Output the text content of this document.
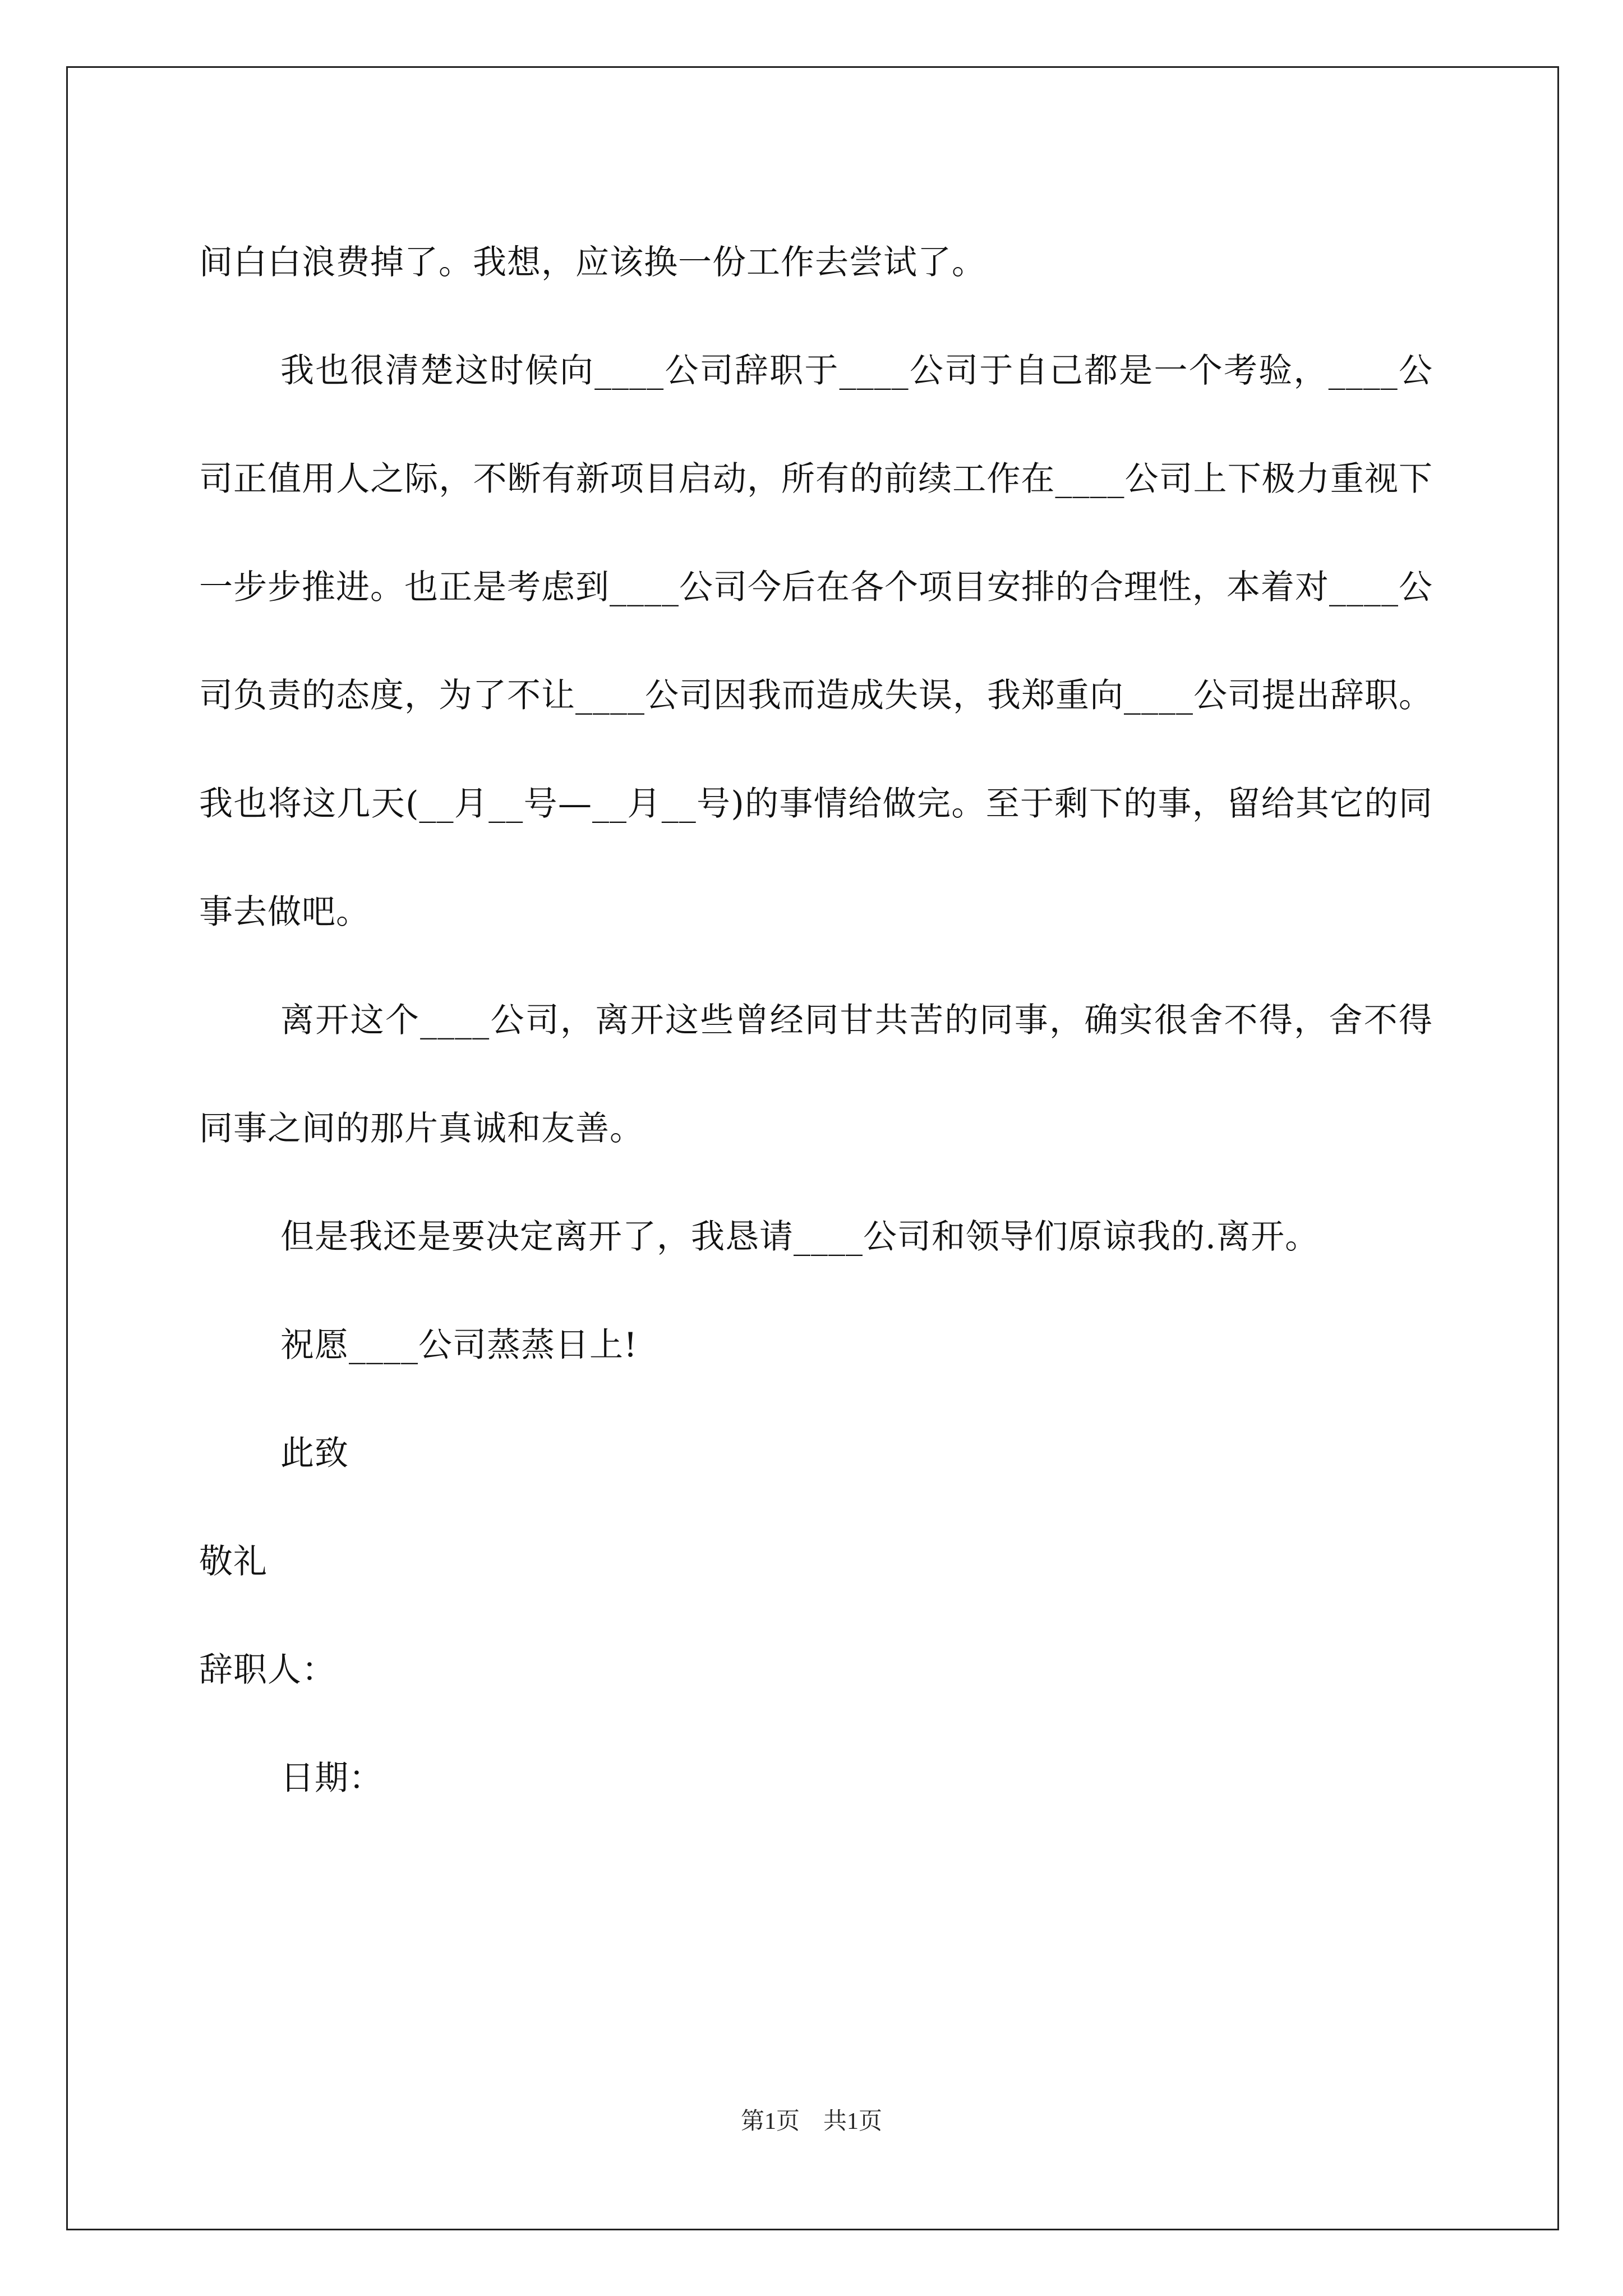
间白白浪费掉了。我想，应该换一份工作去尝试了。

我也很清楚这时候向____公司辞职于____公司于自己都是一个考验，____公司正值用人之际，不断有新项目启动，所有的前续工作在____公司上下极力重视下一步步推进。也正是考虑到____公司今后在各个项目安排的合理性，本着对____公司负责的态度，为了不让____公司因我而造成失误，我郑重向____公司提出辞职。我也将这几天(__月__号—__月__号)的事情给做完。至于剩下的事，留给其它的同事去做吧。

离开这个____公司，离开这些曾经同甘共苦的同事，确实很舍不得，舍不得同事之间的那片真诚和友善。

但是我还是要决定离开了，我恳请____公司和领导们原谅我的.离开。

祝愿____公司蒸蒸日上!

此致

敬礼

辞职人：

日期：

第1页　共1页
